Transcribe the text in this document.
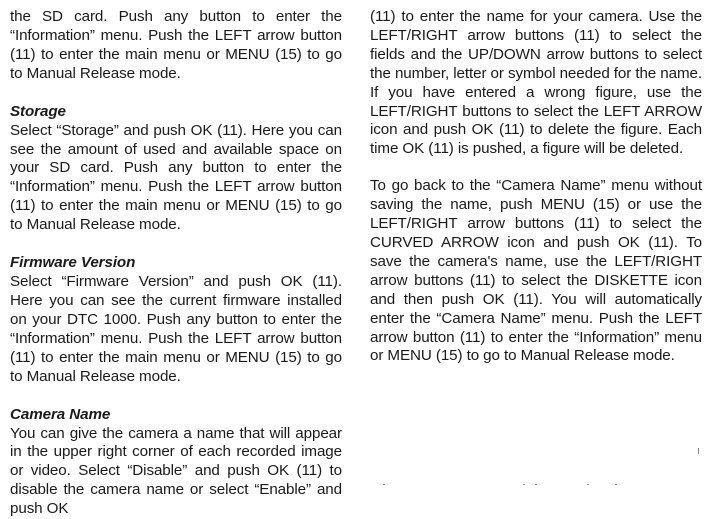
the SD card. Push any button to enter the “Information” menu. Push the LEFT arrow button (11) to enter the main menu or MENU (15) to go to Manual Release mode.

Storage

Select “Storage” and push OK (11). Here you can see the amount of used and available space on your SD card. Push any button to enter the “Information” menu. Push the LEFT arrow button (11) to enter the main menu or MENU (15) to go to Manual Release mode.

Firmware Version

Select “Firmware Version” and push OK (11). Here you can see the current firmware installed on your DTC 1000. Push any button to enter the “Information” menu. Push the LEFT arrow button (11) to enter the main menu or MENU (15) to go to Manual Release mode.

Camera Name

You can give the camera a name that will appear in the upper right corner of each recorded image or video. Select “Disable” and push OK (11) to disable the camera name or select “Enable” and push OK

(11) to enter the name for your camera. Use the LEFT/RIGHT arrow buttons (11) to select the fields and the UP/DOWN arrow buttons to select the number, letter or symbol needed for the name. If you have entered a wrong figure, use the LEFT/RIGHT buttons to select the LEFT ARROW icon and push OK (11) to delete the figure. Each time OK (11) is pushed, a figure will be deleted.

To go back to the “Camera Name” menu without saving the name, push MENU (15) or use the LEFT/RIGHT arrow buttons (11) to select the CURVED ARROW icon and push OK (11). To save the camera's name, use the LEFT/RIGHT arrow buttons (11) to select the DISKETTE icon and then push OK (11). You will automatically enter the “Camera Name” menu. Push the LEFT arrow button (11) to enter the “Information” menu or MENU (15) to go to Manual Release mode.
